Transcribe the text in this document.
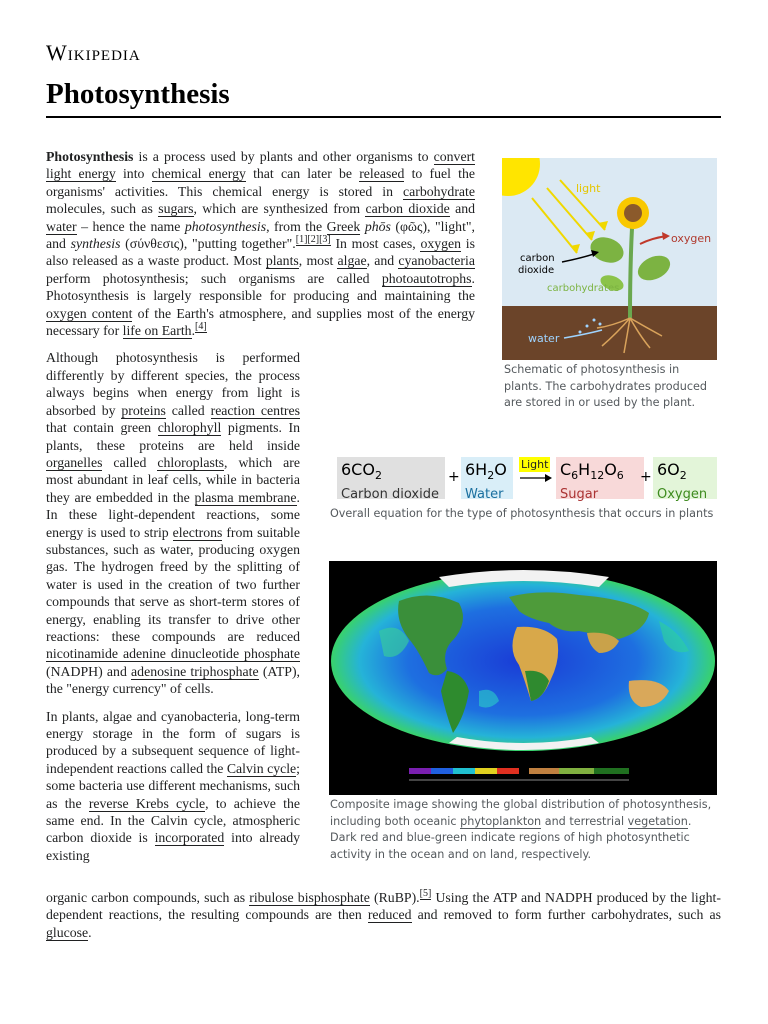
Wikipedia
Photosynthesis
light
oxygen
carbon
dioxide
carbohydrates
water
Schematic of photosynthesis in plants. The carbohydrates produced are stored in or used by the plant.
$6CO_2$
Carbon dioxide
+ $6H_2O$
Water
Light → $C_6H_{12}O_6$
Sugar
+ $6O_2$
Oxygen
Overall equation for the type of photosynthesis that occurs in plants
Composite image showing the global distribution of photosynthesis, including both oceanic phytoplankton and terrestrial vegetation. Dark red and blue-green indicate regions of high photosynthetic activity in the ocean and on land, respectively.

Photosynthesis is a process used by plants and other organisms to convert light energy into chemical energy that can later be released to fuel the organisms' activities. This chemical energy is stored in carbohydrate molecules, such as sugars, which are synthesized from carbon dioxide and water – hence the name photosynthesis, from the Greek phōs (φῶς), "light", and synthesis (σύνθεσις), "putting together".[1][2][3] In most cases, oxygen is also released as a waste product. Most plants, most algae, and cyanobacteria perform photosynthesis; such organisms are called photoautotrophs. Photosynthesis is largely responsible for producing and maintaining the oxygen content of the Earth's atmosphere, and supplies most of the energy necessary for life on Earth.[4]

Although photosynthesis is performed differently by different species, the process always begins when energy from light is absorbed by proteins called reaction centres that contain green chlorophyll pigments. In plants, these proteins are held inside organelles called chloroplasts, which are most abundant in leaf cells, while in bacteria they are embedded in the plasma membrane. In these light-dependent reactions, some energy is used to strip electrons from suitable substances, such as water, producing oxygen gas. The hydrogen freed by the splitting of water is used in the creation of two further compounds that serve as short-term stores of energy, enabling its transfer to drive other reactions: these compounds are reduced nicotinamide adenine dinucleotide phosphate (NADPH) and adenosine triphosphate (ATP), the "energy currency" of cells.

In plants, algae and cyanobacteria, long-term energy storage in the form of sugars is produced by a subsequent sequence of light-independent reactions called the Calvin cycle; some bacteria use different mechanisms, such as the reverse Krebs cycle, to achieve the same end. In the Calvin cycle, atmospheric carbon dioxide is incorporated into already existing

organic carbon compounds, such as ribulose bisphosphate (RuBP).[5] Using the ATP and NADPH produced by the light-dependent reactions, the resulting compounds are then reduced and removed to form further carbohydrates, such as glucose.
